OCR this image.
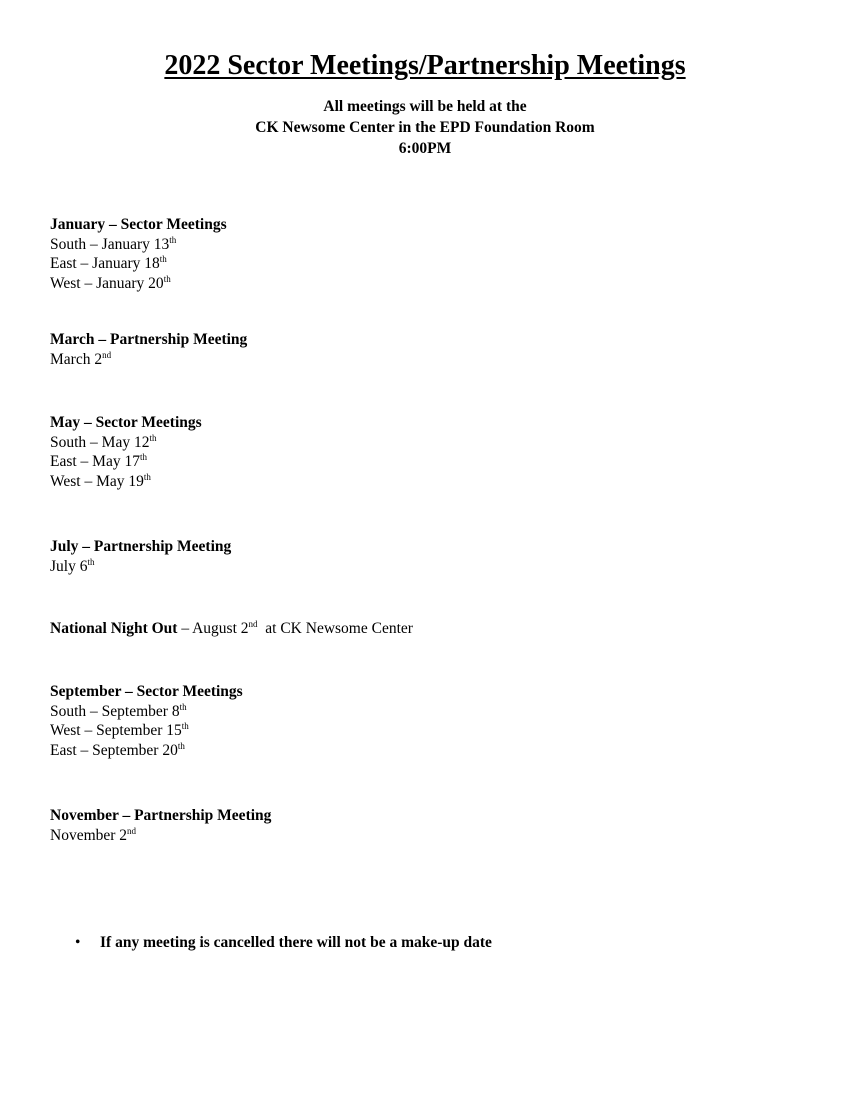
2022 Sector Meetings/Partnership Meetings
All meetings will be held at the
CK Newsome Center in the EPD Foundation Room
6:00PM
January – Sector Meetings
South – January 13th
East – January 18th
West – January 20th
March – Partnership Meeting
March 2nd
May – Sector Meetings
South – May 12th
East – May 17th
West – May 19th
July – Partnership Meeting
July 6th
National Night Out – August 2nd  at CK Newsome Center
September – Sector Meetings
South – September 8th
West – September 15th
East – September 20th
November – Partnership Meeting
November 2nd
• If any meeting is cancelled there will not be a make-up date
